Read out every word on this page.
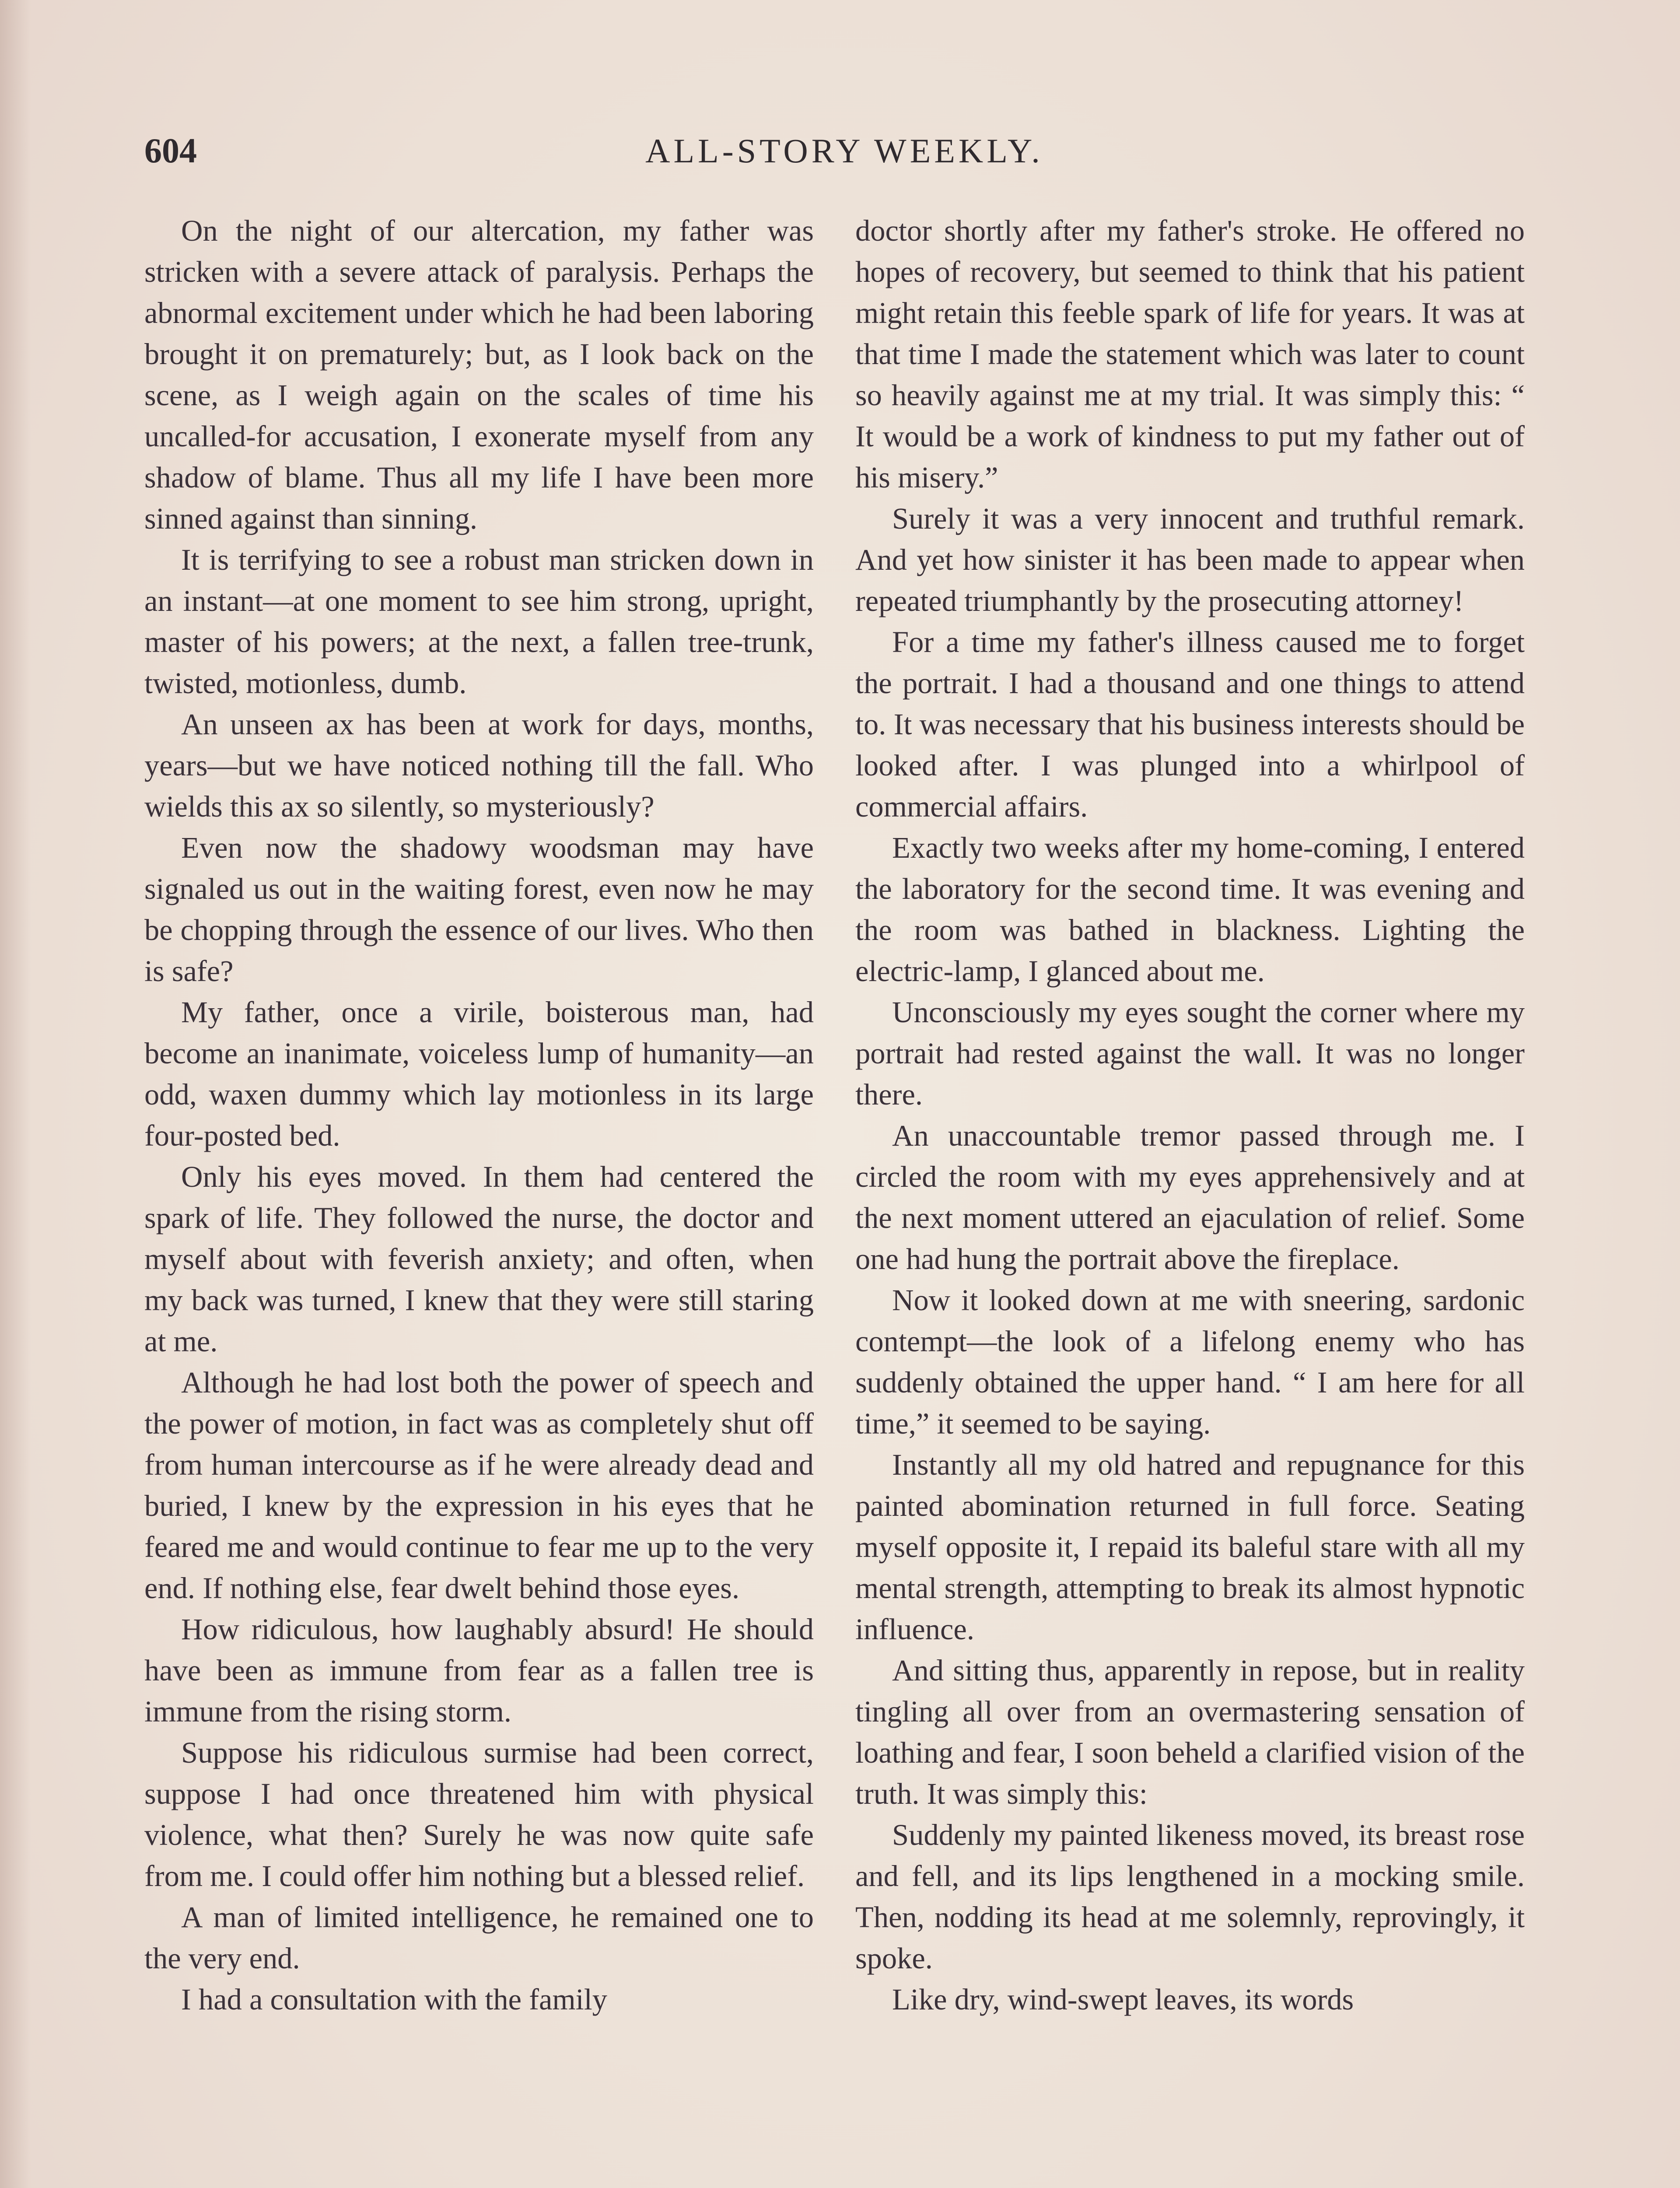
604	ALL-STORY WEEKLY.

On the night of our altercation, my father was stricken with a severe attack of paralysis. Perhaps the abnormal excitement under which he had been laboring brought it on prematurely; but, as I look back on the scene, as I weigh again on the scales of time his uncalled-for accusation, I exonerate myself from any shadow of blame. Thus all my life I have been more sinned against than sinning.

It is terrifying to see a robust man stricken down in an instant—at one moment to see him strong, upright, master of his powers; at the next, a fallen tree-trunk, twisted, motionless, dumb.

An unseen ax has been at work for days, months, years—but we have noticed nothing till the fall. Who wields this ax so silently, so mysteriously?

Even now the shadowy woodsman may have signaled us out in the waiting forest, even now he may be chopping through the essence of our lives. Who then is safe?

My father, once a virile, boisterous man, had become an inanimate, voiceless lump of humanity—an odd, waxen dummy which lay motionless in its large four-posted bed.

Only his eyes moved. In them had centered the spark of life. They followed the nurse, the doctor and myself about with feverish anxiety; and often, when my back was turned, I knew that they were still staring at me.

Although he had lost both the power of speech and the power of motion, in fact was as completely shut off from human intercourse as if he were already dead and buried, I knew by the expression in his eyes that he feared me and would continue to fear me up to the very end. If nothing else, fear dwelt behind those eyes.

How ridiculous, how laughably absurd! He should have been as immune from fear as a fallen tree is immune from the rising storm.

Suppose his ridiculous surmise had been correct, suppose I had once threatened him with physical violence, what then? Surely he was now quite safe from me. I could offer him nothing but a blessed relief.

A man of limited intelligence, he remained one to the very end.

I had a consultation with the family

doctor shortly after my father's stroke. He offered no hopes of recovery, but seemed to think that his patient might retain this feeble spark of life for years. It was at that time I made the statement which was later to count so heavily against me at my trial. It was simply this: “ It would be a work of kindness to put my father out of his misery.”

Surely it was a very innocent and truthful remark. And yet how sinister it has been made to appear when repeated triumphantly by the prosecuting attorney!

For a time my father's illness caused me to forget the portrait. I had a thousand and one things to attend to. It was necessary that his business interests should be looked after. I was plunged into a whirlpool of commercial affairs.

Exactly two weeks after my home-coming, I entered the laboratory for the second time. It was evening and the room was bathed in blackness. Lighting the electric-lamp, I glanced about me.

Unconsciously my eyes sought the corner where my portrait had rested against the wall. It was no longer there.

An unaccountable tremor passed through me. I circled the room with my eyes apprehensively and at the next moment uttered an ejaculation of relief. Some one had hung the portrait above the fireplace.

Now it looked down at me with sneering, sardonic contempt—the look of a lifelong enemy who has suddenly obtained the upper hand. “ I am here for all time,” it seemed to be saying.

Instantly all my old hatred and repugnance for this painted abomination returned in full force. Seating myself opposite it, I repaid its baleful stare with all my mental strength, attempting to break its almost hypnotic influence.

And sitting thus, apparently in repose, but in reality tingling all over from an overmastering sensation of loathing and fear, I soon beheld a clarified vision of the truth. It was simply this:

Suddenly my painted likeness moved, its breast rose and fell, and its lips lengthened in a mocking smile. Then, nodding its head at me solemnly, reprovingly, it spoke.

Like dry, wind-swept leaves, its words
